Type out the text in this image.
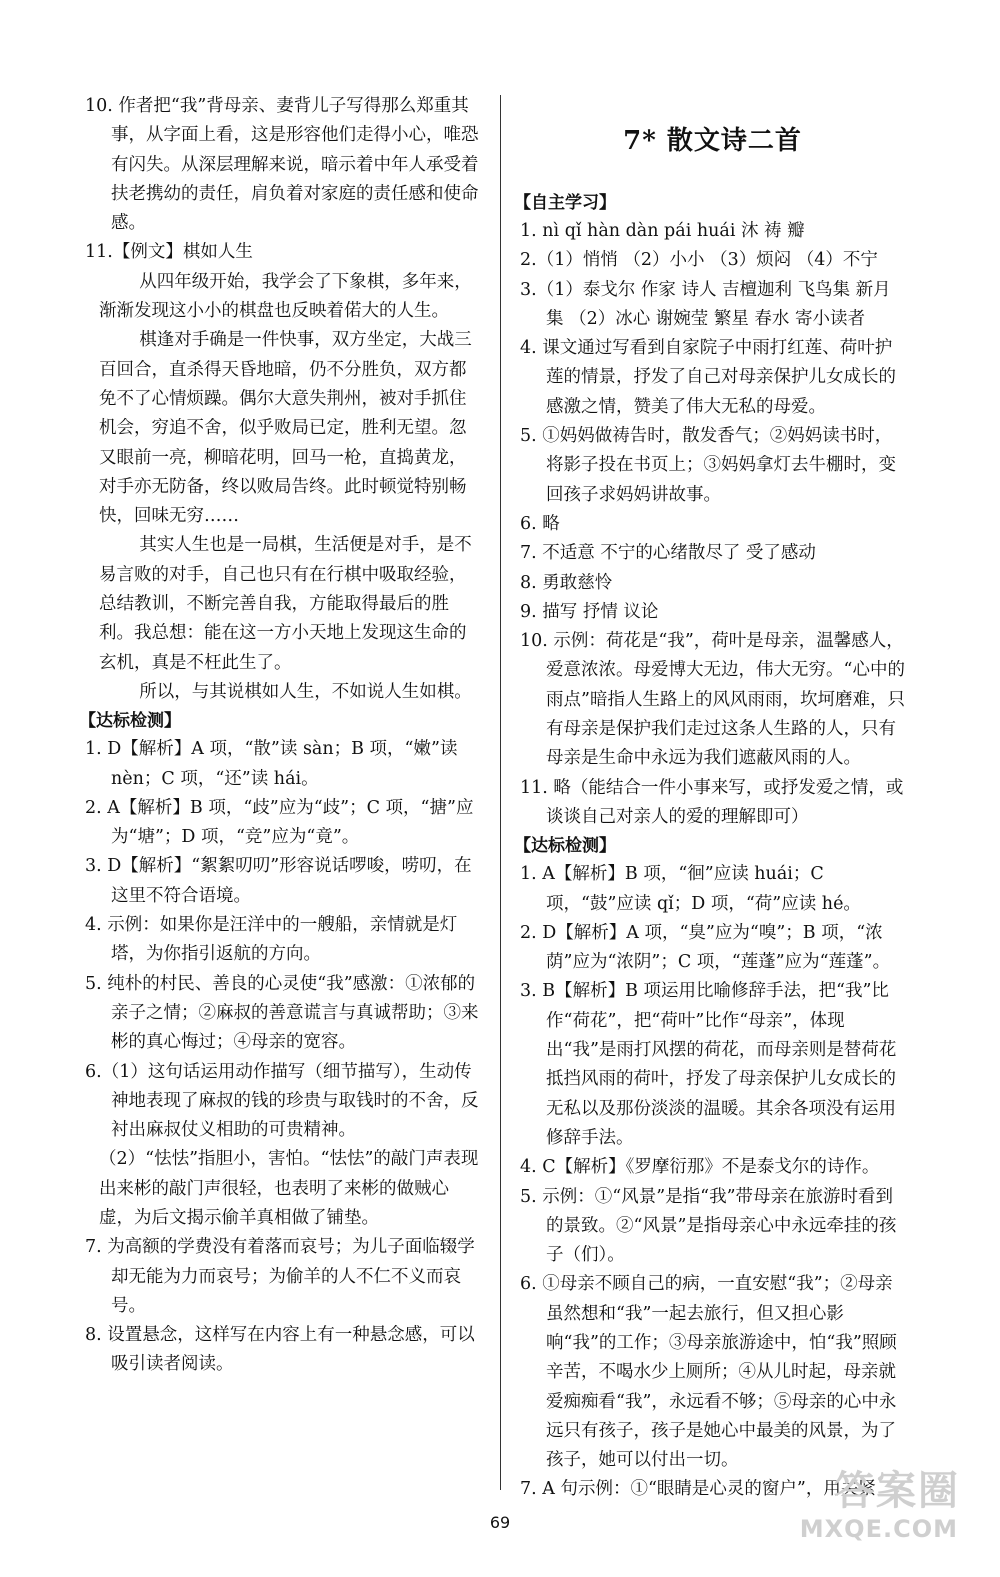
10. 作者把“我”背母亲、妻背儿子写得那么郑重其事，从字面上看，这是形容他们走得小心，唯恐有闪失。从深层理解来说，暗示着中年人承受着扶老携幼的责任，肩负着对家庭的责任感和使命感。
11.【例文】棋如人生
从四年级开始，我学会了下象棋，多年来，渐渐发现这小小的棋盘也反映着偌大的人生。
棋逢对手确是一件快事，双方坐定，大战三百回合，直杀得天昏地暗，仍不分胜负，双方都免不了心情烦躁。偶尔大意失荆州，被对手抓住机会，穷追不舍，似乎败局已定，胜利无望。忽又眼前一亮，柳暗花明，回马一枪，直捣黄龙，对手亦无防备，终以败局告终。此时顿觉特别畅快，回味无穷……
其实人生也是一局棋，生活便是对手，是不易言败的对手，自己也只有在行棋中吸取经验，总结教训，不断完善自我，方能取得最后的胜利。我总想：能在这一方小天地上发现这生命的玄机，真是不枉此生了。
所以，与其说棋如人生，不如说人生如棋。
【达标检测】
1. D【解析】A 项，“散”读 sàn；B 项，“嫩”读 nèn；C 项，“还”读 hái。
2. A【解析】B 项，“歧”应为“歧”；C 项，“搪”应为“塘”；D 项，“竞”应为“竟”。
3. D【解析】“絮絮叨叨”形容说话啰唆，唠叨，在这里不符合语境。
4. 示例：如果你是汪洋中的一艘船，亲情就是灯塔，为你指引返航的方向。
5. 纯朴的村民、善良的心灵使“我”感激：①浓郁的亲子之情；②麻叔的善意谎言与真诚帮助；③来彬的真心悔过；④母亲的宽容。
6.（1）这句话运用动作描写（细节描写），生动传神地表现了麻叔的钱的珍贵与取钱时的不舍，反衬出麻叔仗义相助的可贵精神。
（2）“怯怯”指胆小，害怕。“怯怯”的敲门声表现出来彬的敲门声很轻，也表明了来彬的做贼心虚，为后文揭示偷羊真相做了铺垫。
7. 为高额的学费没有着落而哀号；为儿子面临辍学却无能为力而哀号；为偷羊的人不仁不义而哀号。
8. 设置悬念，这样写在内容上有一种悬念感，可以吸引读者阅读。
7* 散文诗二首
【自主学习】
1. nì qǐ hàn dàn pái huái 沐 祷 瓣
2.（1）悄悄 （2）小小 （3）烦闷 （4）不宁
3.（1）泰戈尔 作家 诗人 吉檀迦利 飞鸟集 新月集 （2）冰心 谢婉莹 繁星 春水 寄小读者
4. 课文通过写看到自家院子中雨打红莲、荷叶护莲的情景，抒发了自己对母亲保护儿女成长的感激之情，赞美了伟大无私的母爱。
5. ①妈妈做祷告时，散发香气；②妈妈读书时，将影子投在书页上；③妈妈拿灯去牛棚时，变回孩子求妈妈讲故事。
6. 略
7. 不适意 不宁的心绪散尽了 受了感动
8. 勇敢慈怜
9. 描写 抒情 议论
10. 示例：荷花是“我”，荷叶是母亲，温馨感人，爱意浓浓。母爱博大无边，伟大无穷。“心中的雨点”暗指人生路上的风风雨雨，坎坷磨难，只有母亲是保护我们走过这条人生路的人，只有母亲是生命中永远为我们遮蔽风雨的人。
11. 略（能结合一件小事来写，或抒发爱之情，或谈谈自己对亲人的爱的理解即可）
【达标检测】
1. A【解析】B 项，“徊”应读 huái；C 项，“鼓”应读 qǐ；D 项，“荷”应读 hé。
2. D【解析】A 项，“臭”应为“嗅”；B 项，“浓荫”应为“浓阴”；C 项，“莲蓬”应为“莲蓬”。
3. B【解析】B 项运用比喻修辞手法，把“我”比作“荷花”，把“荷叶”比作“母亲”，体现出“我”是雨打风摆的荷花，而母亲则是替荷花抵挡风雨的荷叶，抒发了母亲保护儿女成长的无私以及那份淡淡的温暖。其余各项没有运用修辞手法。
4. C【解析】《罗摩衍那》不是泰戈尔的诗作。
5. 示例：①“风景”是指“我”带母亲在旅游时看到的景致。②“风景”是指母亲心中永远牵挂的孩子（们）。
6. ①母亲不顾自己的病，一直安慰“我”；②母亲虽然想和“我”一起去旅行，但又担心影响“我”的工作；③母亲旅游途中，怕“我”照顾辛苦，不喝水少上厕所；④从儿时起，母亲就爱痴痴看“我”，永远看不够；⑤母亲的心中永远只有孩子，孩子是她心中最美的风景，为了孩子，她可以付出一切。
7. A 句示例：①“眼睛是心灵的窗户”，用关紧
69
答案圈
MXQE.COM
